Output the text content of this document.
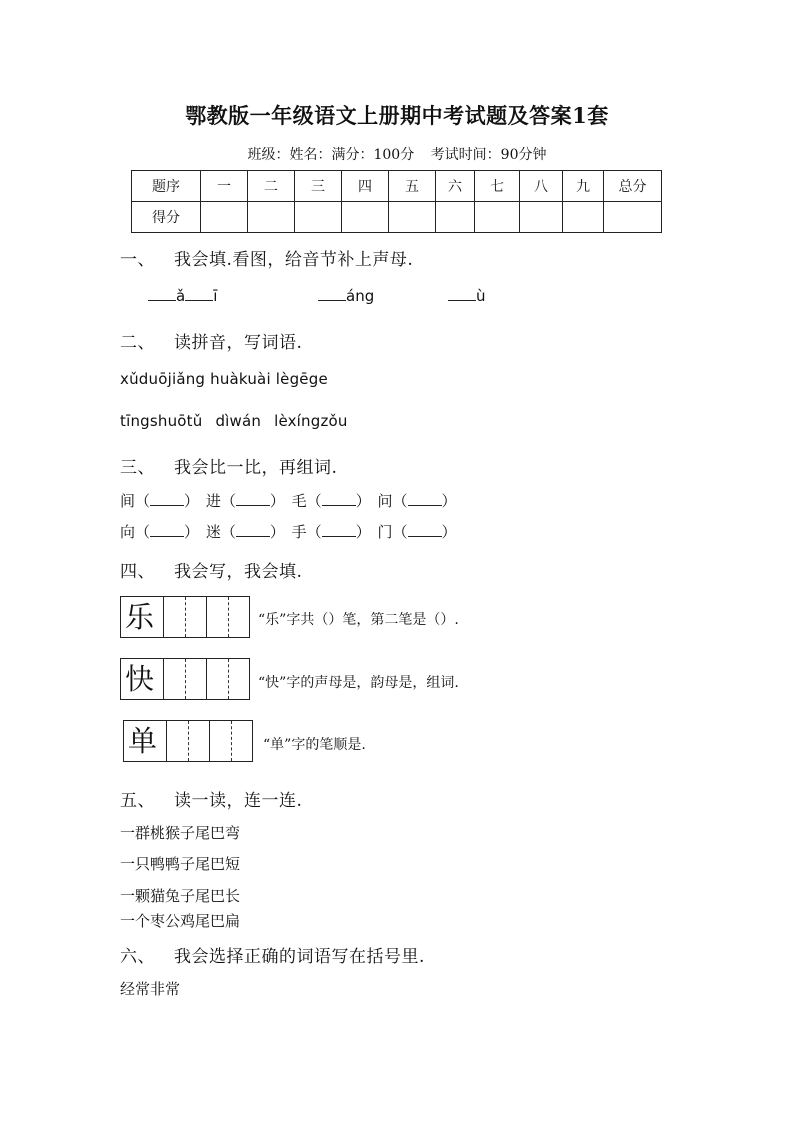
鄂教版一年级语文上册期中考试题及答案1套
班级：姓名：满分：100分 考试时间：90分钟
题序	一	二	三	四	五	六	七	八	九	总分
得分										
一、 我会填.看图，给音节补上声母.
ǎ ī	áng	ù
二、 读拼音，写词语.
xǔduōjiǎng huàkuài lègēge
tīngshuōtǔ dìwán lèxíngzǒu
三、 我会比一比，再组词.
间（ ） 进（ ） 毛（ ） 问（ ）
向（ ） 迷（ ） 手（ ） 门（ ）
四、 我会写，我会填.
乐	“乐”字共（）笔，第二笔是（）.
快	“快”字的声母是，韵母是，组词.
单	“单”字的笔顺是.
五、 读一读，连一连.
一群桃猴子尾巴弯
一只鸭鸭子尾巴短
一颗猫兔子尾巴长
一个枣公鸡尾巴扁
六、 我会选择正确的词语写在括号里.
经常非常
